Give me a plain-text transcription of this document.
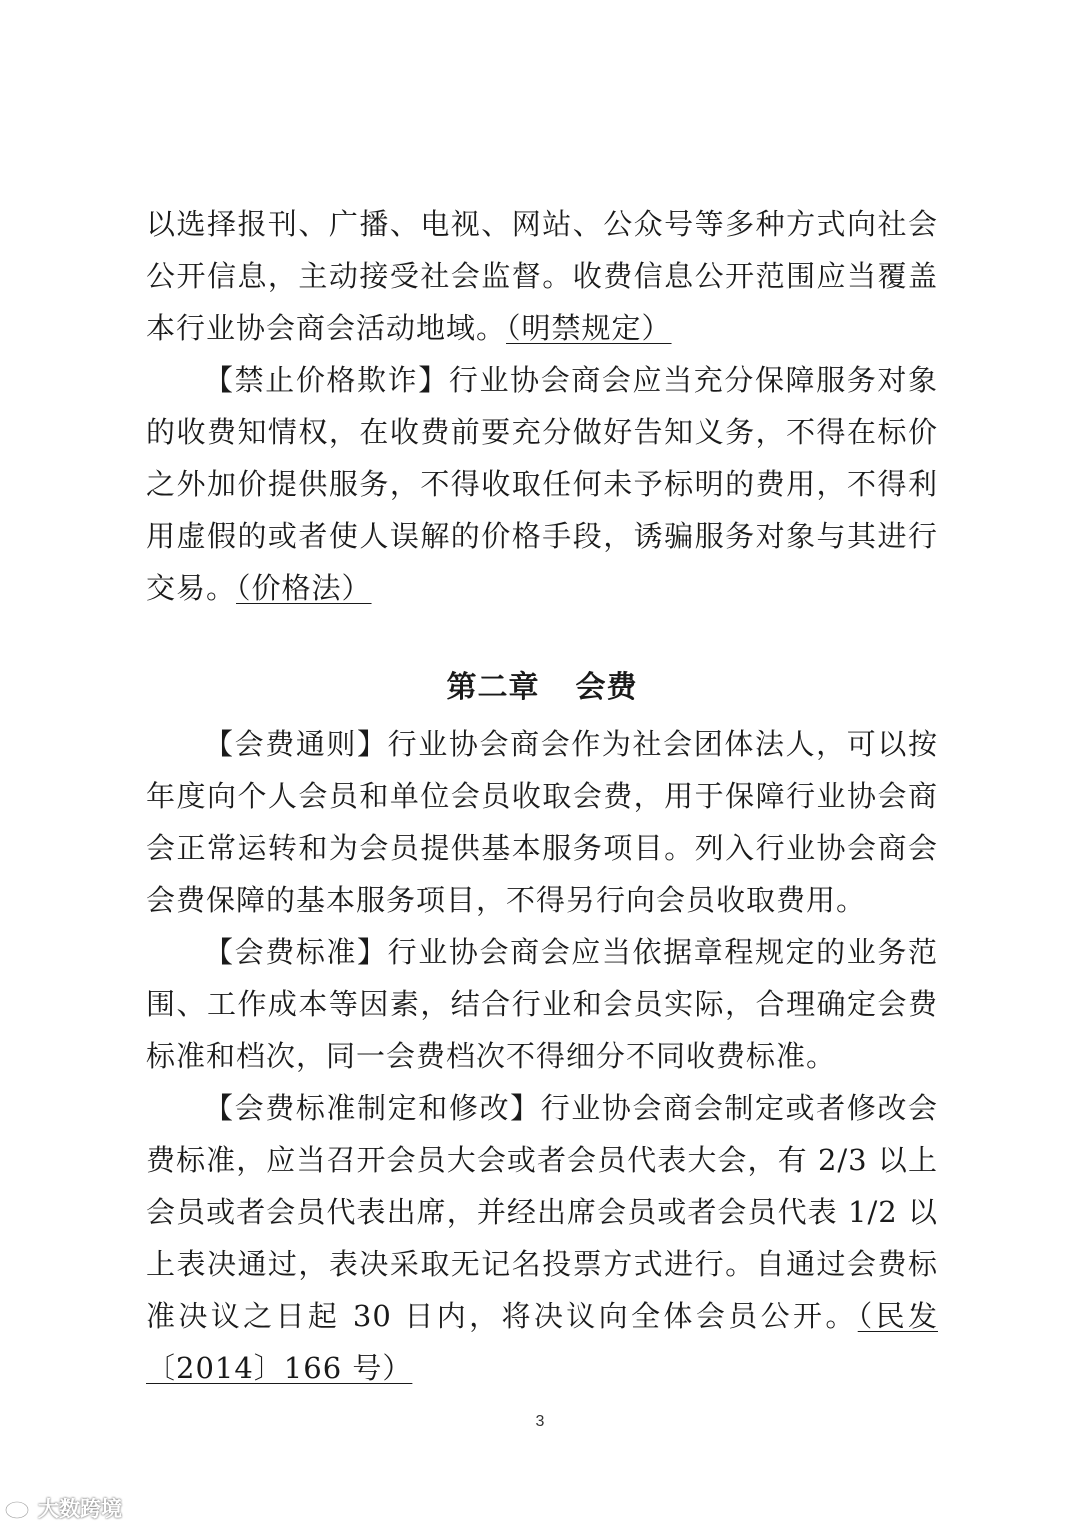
以选择报刊、广播、电视、网站、公众号等多种方式向社会公开信息，主动接受社会监督。收费信息公开范围应当覆盖本行业协会商会活动地域。（明禁规定）

【禁止价格欺诈】行业协会商会应当充分保障服务对象的收费知情权，在收费前要充分做好告知义务，不得在标价之外加价提供服务，不得收取任何未予标明的费用，不得利用虚假的或者使人误解的价格手段，诱骗服务对象与其进行交易。（价格法）

第二章 会费

【会费通则】行业协会商会作为社会团体法人，可以按年度向个人会员和单位会员收取会费，用于保障行业协会商会正常运转和为会员提供基本服务项目。列入行业协会商会会费保障的基本服务项目，不得另行向会员收取费用。

【会费标准】行业协会商会应当依据章程规定的业务范围、工作成本等因素，结合行业和会员实际，合理确定会费标准和档次，同一会费档次不得细分不同收费标准。

【会费标准制定和修改】行业协会商会制定或者修改会费标准，应当召开会员大会或者会员代表大会，有 2/3 以上会员或者会员代表出席，并经出席会员或者会员代表 1/2 以上表决通过，表决采取无记名投票方式进行。自通过会费标准决议之日起 30 日内，将决议向全体会员公开。（民发〔2014〕166 号）

3
大数跨境
